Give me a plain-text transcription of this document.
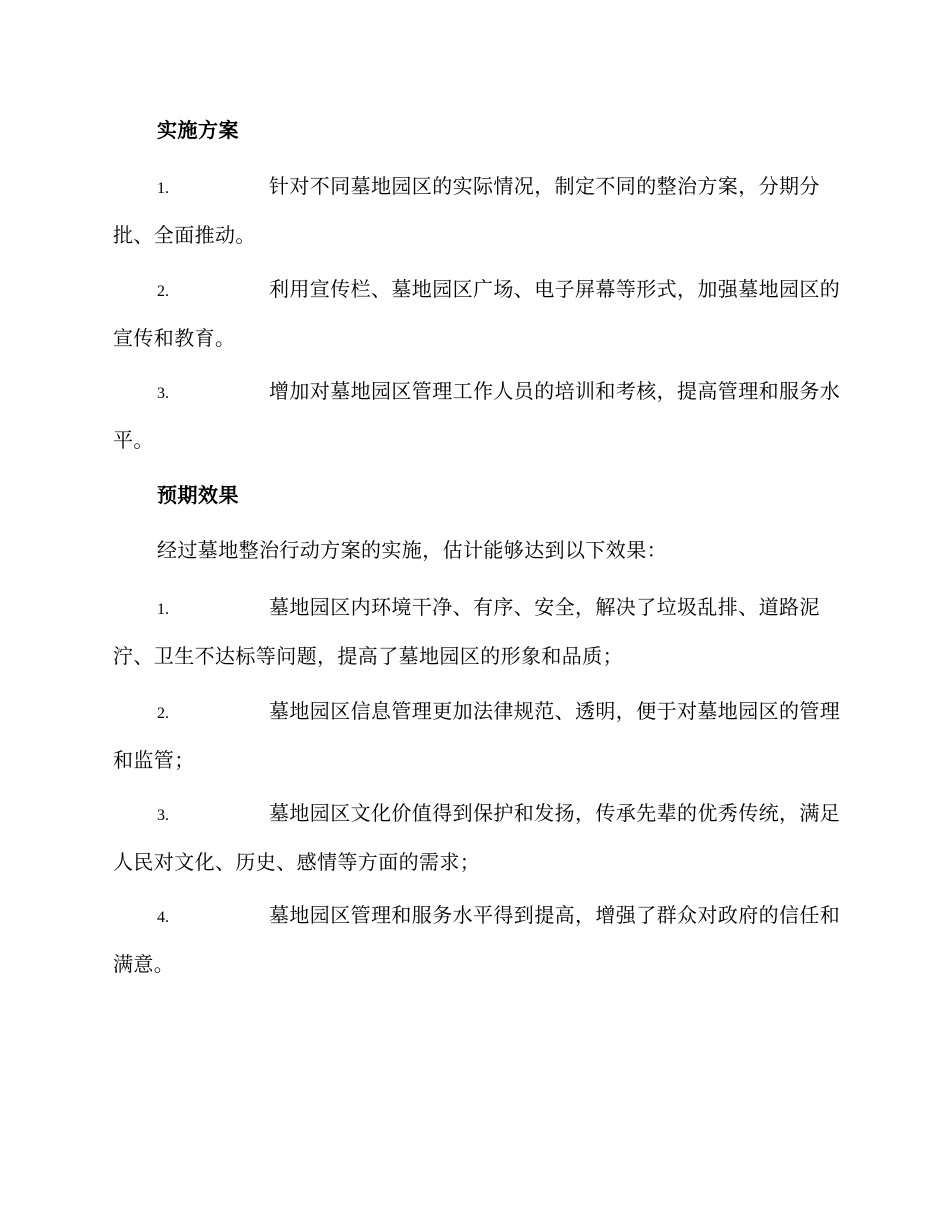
实施方案
1.	针对不同墓地园区的实际情况，制定不同的整治方案，分期分
批、全面推动。
2.	利用宣传栏、墓地园区广场、电子屏幕等形式，加强墓地园区的
宣传和教育。
3.	增加对墓地园区管理工作人员的培训和考核，提高管理和服务水
平。
预期效果
经过墓地整治行动方案的实施，估计能够达到以下效果：
1.	墓地园区内环境干净、有序、安全，解决了垃圾乱排、道路泥
泞、卫生不达标等问题，提高了墓地园区的形象和品质；
2.	墓地园区信息管理更加法律规范、透明，便于对墓地园区的管理
和监管；
3.	墓地园区文化价值得到保护和发扬，传承先辈的优秀传统，满足
人民对文化、历史、感情等方面的需求；
4.	墓地园区管理和服务水平得到提高，增强了群众对政府的信任和
满意。
